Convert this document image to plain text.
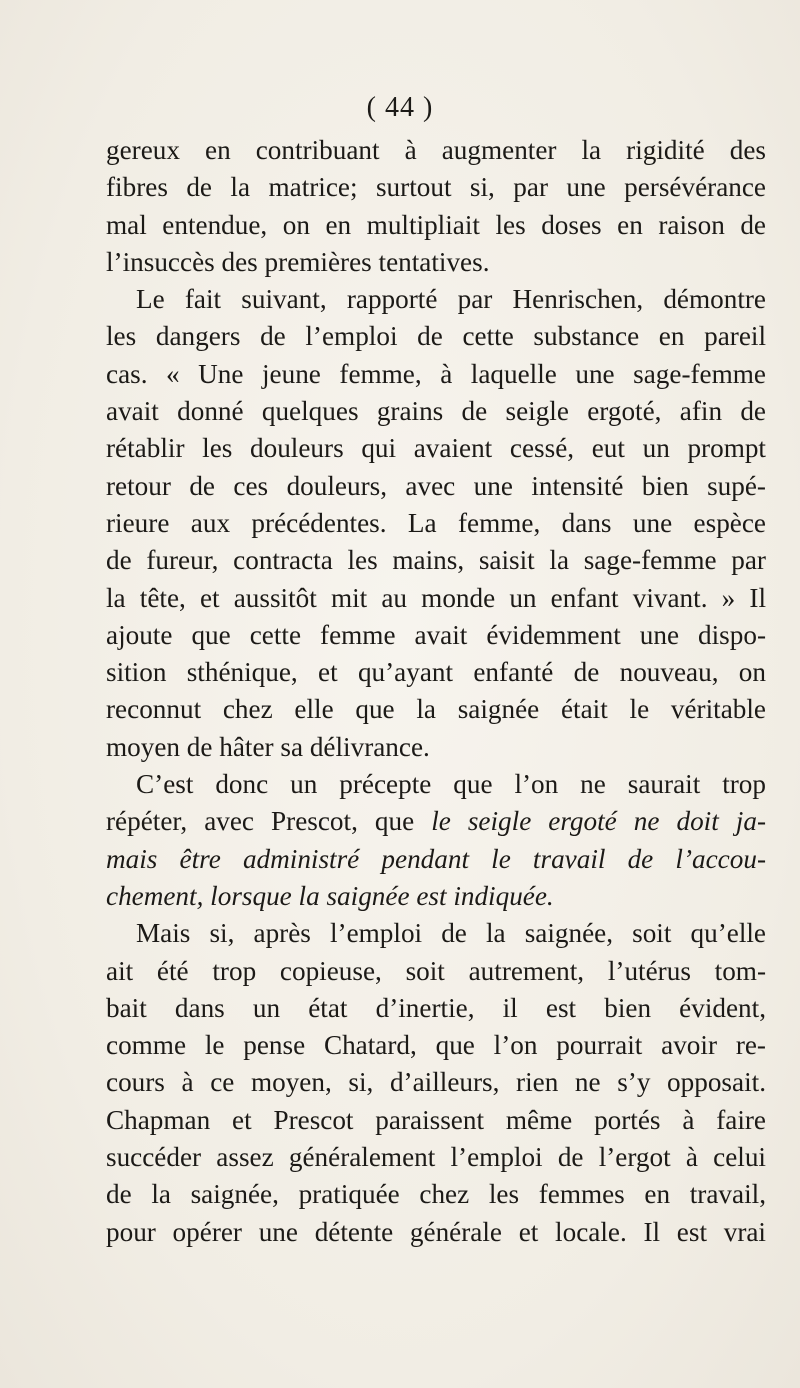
( 44 )
gereux en contribuant à augmenter la rigidité des
fibres de la matrice; surtout si, par une persévérance
mal entendue, on en multipliait les doses en raison de
l’insuccès des premières tentatives.
Le fait suivant, rapporté par Henrischen, démontre
les dangers de l’emploi de cette substance en pareil
cas. « Une jeune femme, à laquelle une sage-femme
avait donné quelques grains de seigle ergoté, afin de
rétablir les douleurs qui avaient cessé, eut un prompt
retour de ces douleurs, avec une intensité bien supé-
rieure aux précédentes. La femme, dans une espèce
de fureur, contracta les mains, saisit la sage-femme par
la tête, et aussitôt mit au monde un enfant vivant. » Il
ajoute que cette femme avait évidemment une dispo-
sition sthénique, et qu’ayant enfanté de nouveau, on
reconnut chez elle que la saignée était le véritable
moyen de hâter sa délivrance.
C’est donc un précepte que l’on ne saurait trop
répéter, avec Prescot, que le seigle ergoté ne doit ja-
mais être administré pendant le travail de l’accou-
chement, lorsque la saignée est indiquée.
Mais si, après l’emploi de la saignée, soit qu’elle
ait été trop copieuse, soit autrement, l’utérus tom-
bait dans un état d’inertie, il est bien évident,
comme le pense Chatard, que l’on pourrait avoir re-
cours à ce moyen, si, d’ailleurs, rien ne s’y opposait.
Chapman et Prescot paraissent même portés à faire
succéder assez généralement l’emploi de l’ergot à celui
de la saignée, pratiquée chez les femmes en travail,
pour opérer une détente générale et locale. Il est vrai
